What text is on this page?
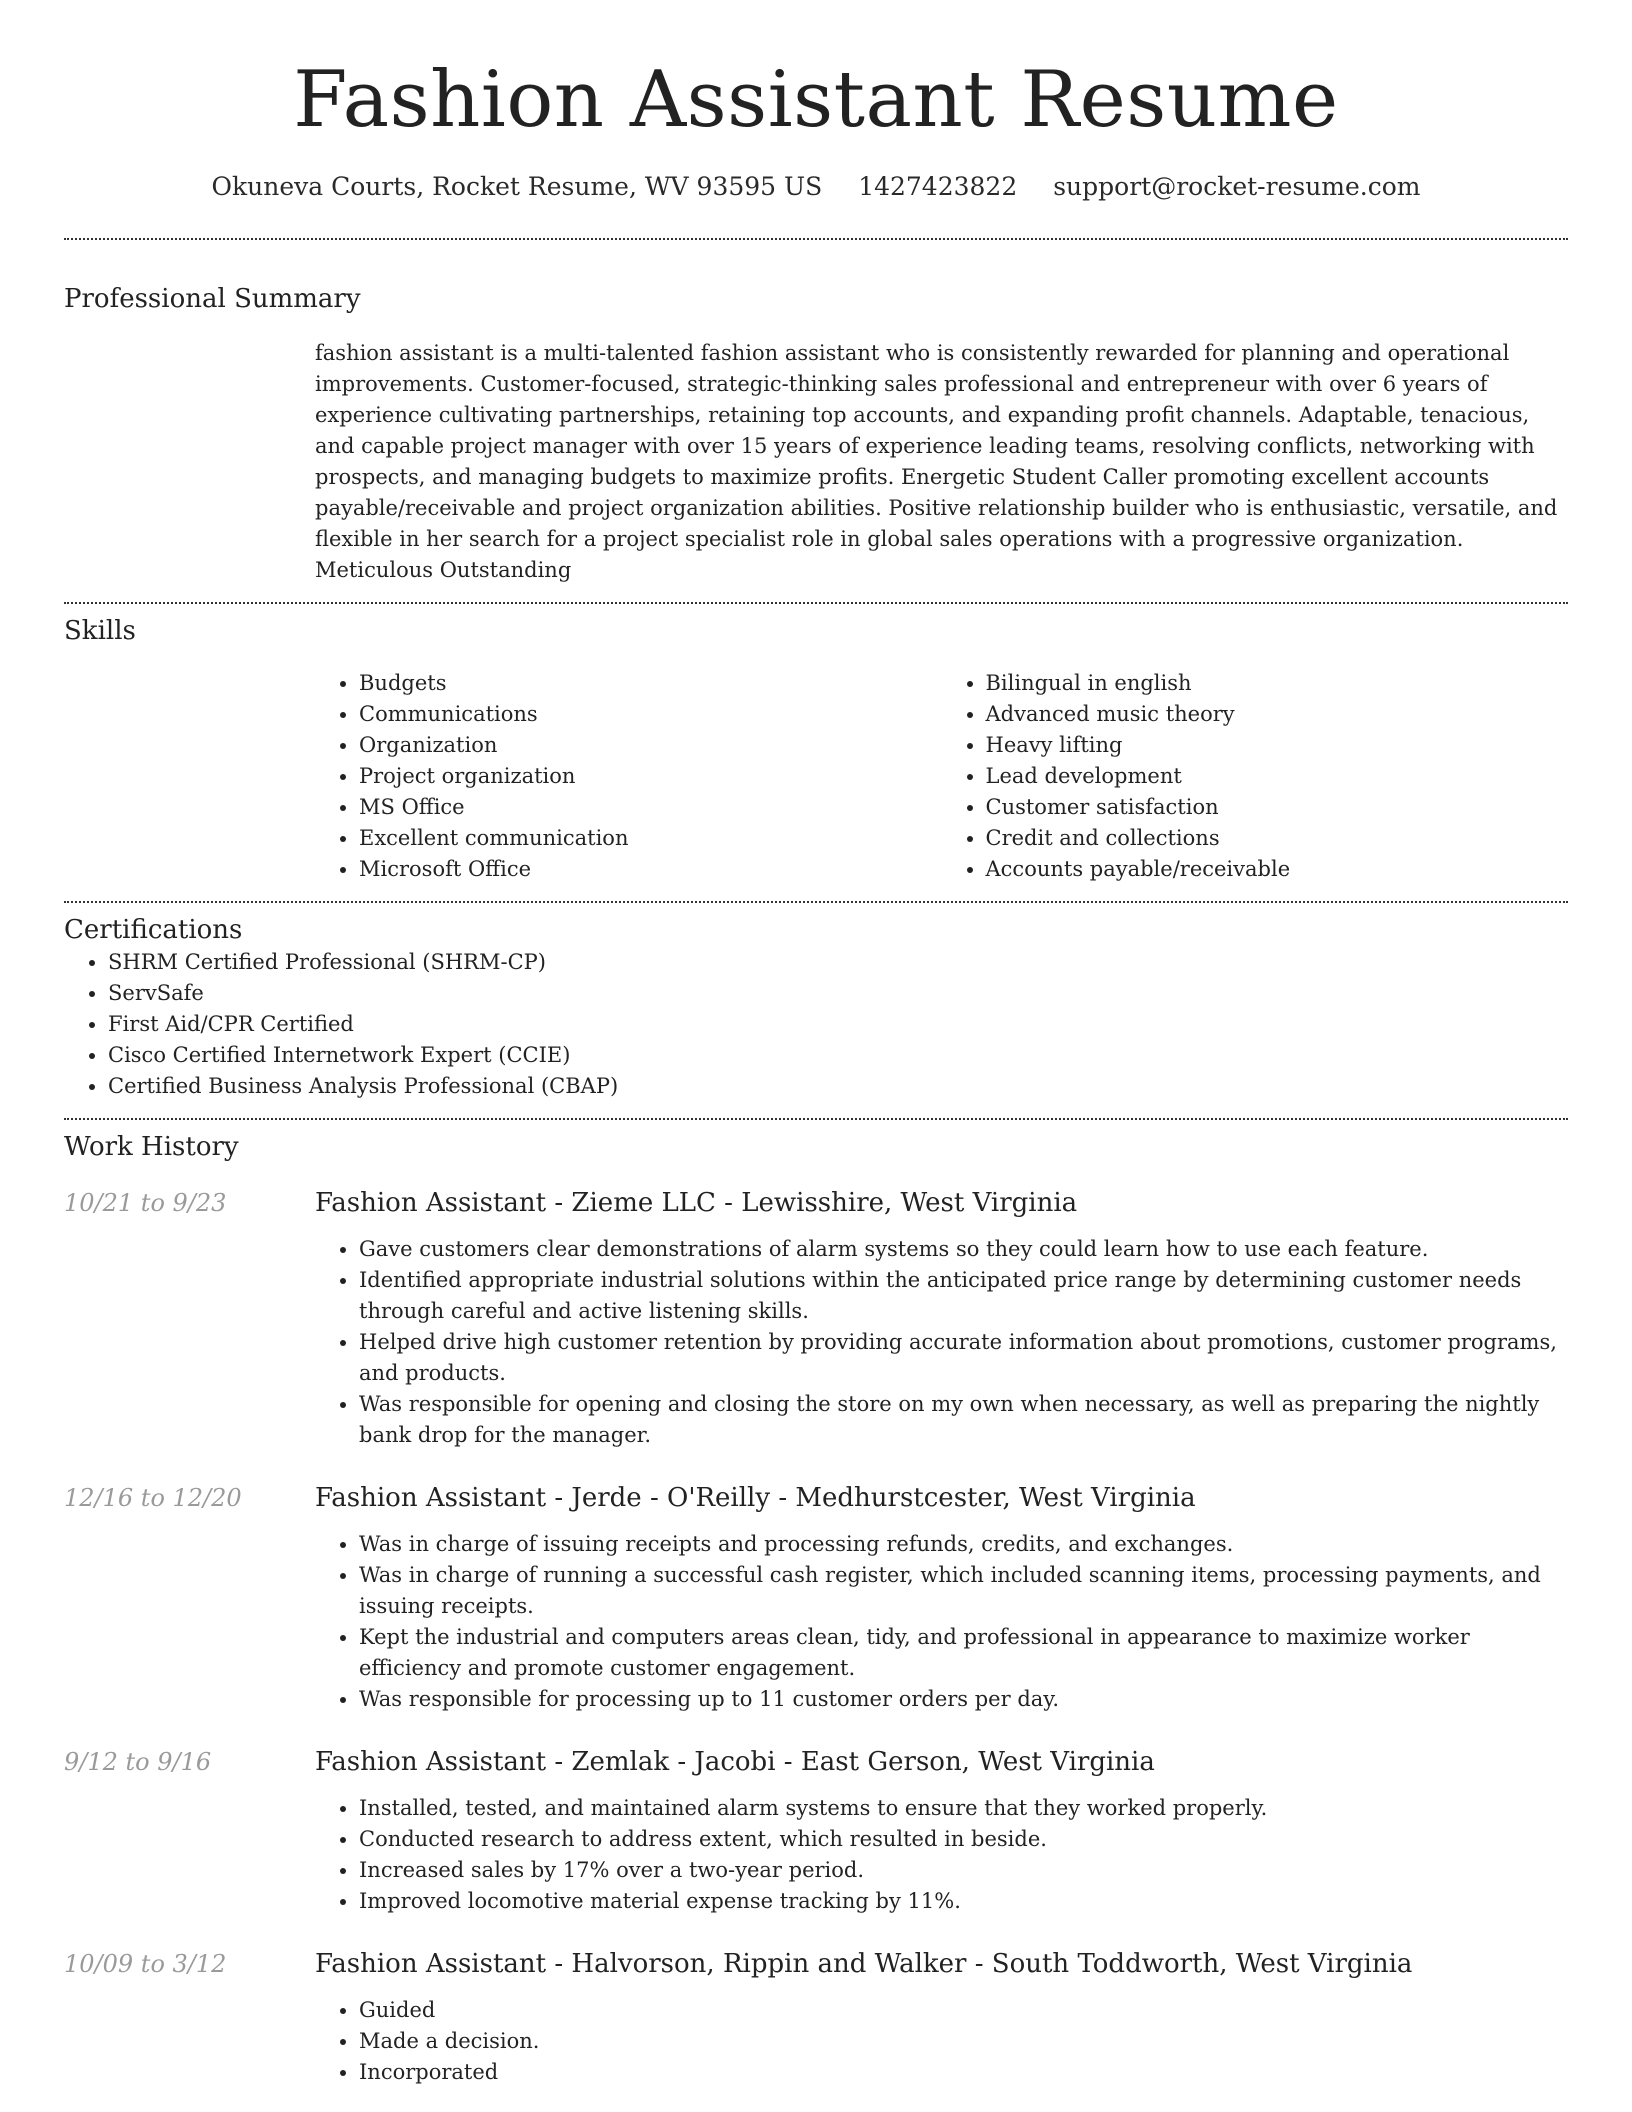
Fashion Assistant Resume
Okuneva Courts, Rocket Resume, WV 93595 US 1427423822 support@rocket-resume.com
Professional Summary
fashion assistant is a multi-talented fashion assistant who is consistently rewarded for planning and operational improvements. Customer-focused, strategic-thinking sales professional and entrepreneur with over 6 years of experience cultivating partnerships, retaining top accounts, and expanding profit channels. Adaptable, tenacious, and capable project manager with over 15 years of experience leading teams, resolving conflicts, networking with prospects, and managing budgets to maximize profits. Energetic Student Caller promoting excellent accounts payable/receivable and project organization abilities. Positive relationship builder who is enthusiastic, versatile, and flexible in her search for a project specialist role in global sales operations with a progressive organization. Meticulous Outstanding
Skills
• Budgets
• Communications
• Organization
• Project organization
• MS Office
• Excellent communication
• Microsoft Office
• Bilingual in english
• Advanced music theory
• Heavy lifting
• Lead development
• Customer satisfaction
• Credit and collections
• Accounts payable/receivable
Certifications
• SHRM Certified Professional (SHRM-CP)
• ServSafe
• First Aid/CPR Certified
• Cisco Certified Internetwork Expert (CCIE)
• Certified Business Analysis Professional (CBAP)
Work History
10/21 to 9/23	Fashion Assistant - Zieme LLC - Lewisshire, West Virginia
• Gave customers clear demonstrations of alarm systems so they could learn how to use each feature.
• Identified appropriate industrial solutions within the anticipated price range by determining customer needs through careful and active listening skills.
• Helped drive high customer retention by providing accurate information about promotions, customer programs, and products.
• Was responsible for opening and closing the store on my own when necessary, as well as preparing the nightly bank drop for the manager.
12/16 to 12/20	Fashion Assistant - Jerde - O'Reilly - Medhurstcester, West Virginia
• Was in charge of issuing receipts and processing refunds, credits, and exchanges.
• Was in charge of running a successful cash register, which included scanning items, processing payments, and issuing receipts.
• Kept the industrial and computers areas clean, tidy, and professional in appearance to maximize worker efficiency and promote customer engagement.
• Was responsible for processing up to 11 customer orders per day.
9/12 to 9/16	Fashion Assistant - Zemlak - Jacobi - East Gerson, West Virginia
• Installed, tested, and maintained alarm systems to ensure that they worked properly.
• Conducted research to address extent, which resulted in beside.
• Increased sales by 17% over a two-year period.
• Improved locomotive material expense tracking by 11%.
10/09 to 3/12	Fashion Assistant - Halvorson, Rippin and Walker - South Toddworth, West Virginia
• Guided
• Made a decision.
• Incorporated
